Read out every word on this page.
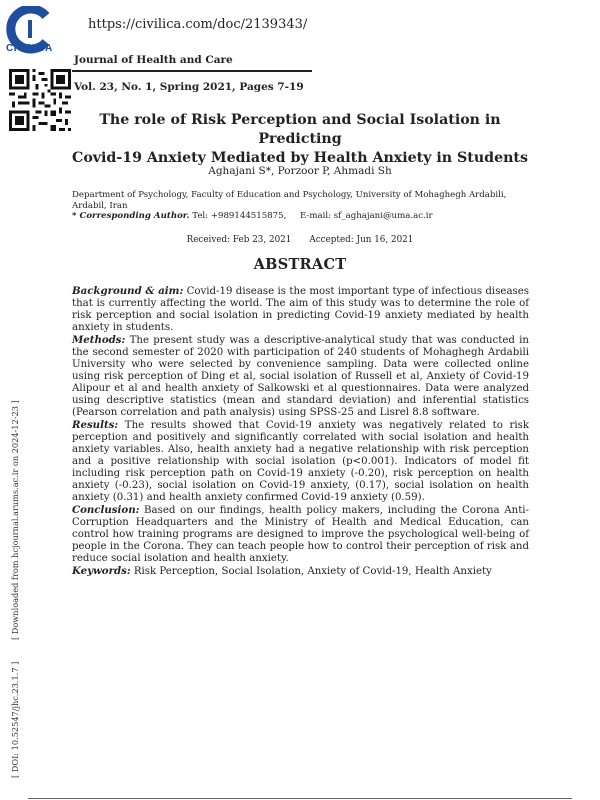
CIVILICA
https://civilica.com/doc/2139343/
Journal of Health and Care
Vol. 23, No. 1, Spring 2021, Pages 7-19
The role of Risk Perception and Social Isolation in Predicting
Covid-19 Anxiety Mediated by Health Anxiety in Students
Aghajani S*, Porzoor P, Ahmadi Sh
Department of Psychology, Faculty of Education and Psychology, University of Mohaghegh Ardabili, Ardabil, Iran
* Corresponding Author. Tel: +989144515875,     E-mail: sf_aghajani@uma.ac.ir
Received: Feb 23, 2021 Accepted: Jun 16, 2021
ABSTRACT

Background & aim: Covid-19 disease is the most important type of infectious diseases that is currently affecting the world. The aim of this study was to determine the role of risk perception and social isolation in predicting Covid-19 anxiety mediated by health anxiety in students.

Methods: The present study was a descriptive-analytical study that was conducted in the second semester of 2020 with participation of 240 students of Mohaghegh Ardabili University who were selected by convenience sampling. Data were collected online using risk perception of Ding et al, social isolation of Russell et al, Anxiety of Covid-19 Alipour et al and health anxiety of Salkowski et al questionnaires. Data were analyzed using descriptive statistics (mean and standard deviation) and inferential statistics (Pearson correlation and path analysis) using SPSS-25 and Lisrel 8.8 software.

Results: The results showed that Covid-19 anxiety was negatively related to risk perception and positively and significantly correlated with social isolation and health anxiety variables. Also, health anxiety had a negative relationship with risk perception and a positive relationship with social isolation (p<0.001). Indicators of model fit including risk perception path on Covid-19 anxiety (-0.20), risk perception on health anxiety (-0.23), social isolation on Covid-19 anxiety, (0.17), social isolation on health anxiety (0.31) and health anxiety confirmed Covid-19 anxiety (0.59).

Conclusion: Based on our findings, health policy makers, including the Corona Anti-Corruption Headquarters and the Ministry of Health and Medical Education, can control how training programs are designed to improve the psychological well-being of people in the Corona. They can teach people how to control their perception of risk and reduce social isolation and health anxiety.

Keywords: Risk Perception, Social Isolation, Anxiety of Covid-19, Health Anxiety

[ Downloaded from hcjournal.arums.ac.ir on 2024-12-23 ]
[ DOI: 10.52547/jhc.23.1.7 ]
